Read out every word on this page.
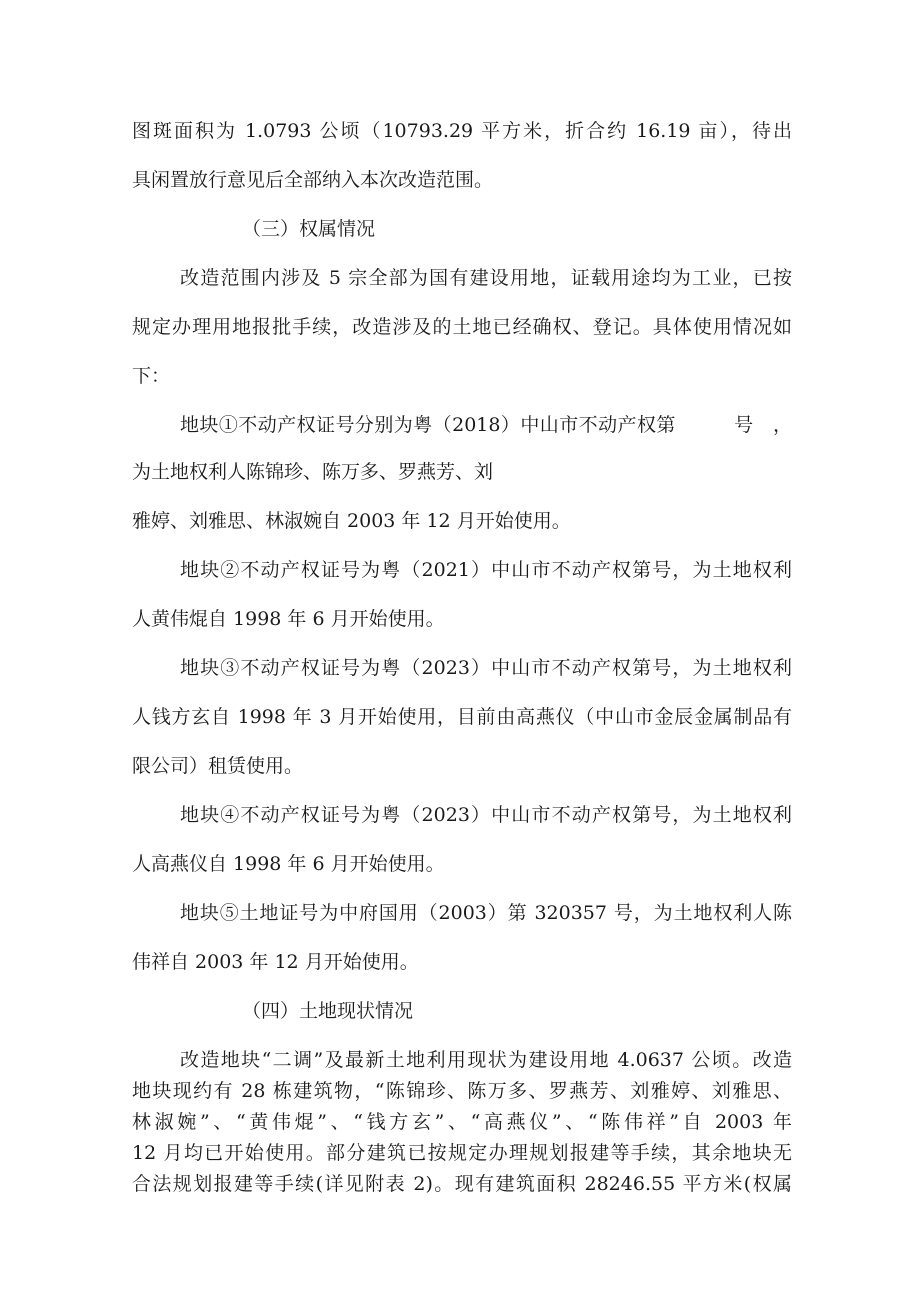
图斑面积为 1.0793 公顷（10793.29 平方米，折合约 16.19 亩），待出
具闲置放行意见后全部纳入本次改造范围。
（三）权属情况
改造范围内涉及 5 宗全部为国有建设用地，证载用途均为工业，已按
规定办理用地报批手续，改造涉及的土地已经确权、登记。具体使用情况如
下：
地块①不动产权证号分别为粤（2018）中山市不动产权第　　　号　，
为土地权利人陈锦珍、陈万多、罗燕芳、刘
雅婷、刘雅思、林淑婉自 2003 年 12 月开始使用。
地块②不动产权证号为粤（2021）中山市不动产权第号，为土地权利
人黄伟焜自 1998 年 6 月开始使用。
地块③不动产权证号为粤（2023）中山市不动产权第号，为土地权利
人钱方玄自 1998 年 3 月开始使用，目前由高燕仪（中山市金辰金属制品有
限公司）租赁使用。
地块④不动产权证号为粤（2023）中山市不动产权第号，为土地权利
人高燕仪自 1998 年 6 月开始使用。
地块⑤土地证号为中府国用（2003）第 320357 号，为土地权利人陈
伟祥自 2003 年 12 月开始使用。
（四）土地现状情况
改造地块“二调”及最新土地利用现状为建设用地 4.0637 公顷。改造
地块现约有 28 栋建筑物，“陈锦珍、陈万多、罗燕芳、刘雅婷、刘雅思、
林淑婉”、“黄伟焜”、“钱方玄”、“高燕仪”、“陈伟祥”自 2003 年
12 月均已开始使用。部分建筑已按规定办理规划报建等手续，其余地块无
合法规划报建等手续(详见附表 2)。现有建筑面积 28246.55 平方米(权属
